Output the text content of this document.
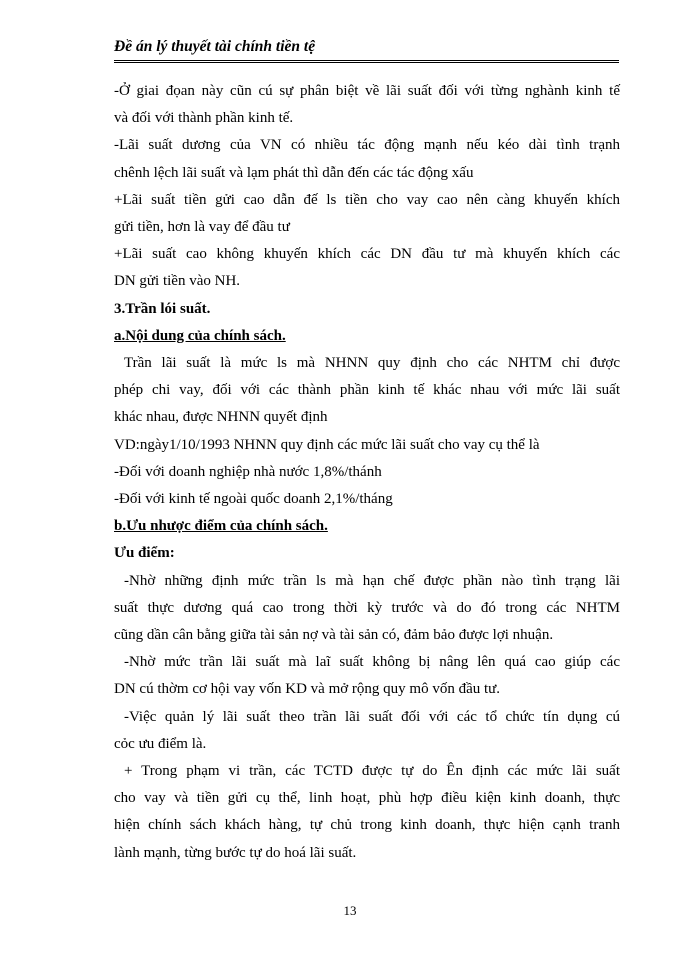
Đề án lý thuyết tài chính tiền tệ

-Ở giai đọan này cũn cú sự phân biệt về lãi suất đối với từng nghành kinh tế
và đối với thành phần kinh tế.

-Lãi suất dương của VN có nhiều tác động mạnh nếu kéo dài tình trạnh
chênh lệch lãi suất và lạm phát thì dẫn đến các tác động xấu

+Lãi suất tiền gửi cao dẫn đế ls tiền cho vay cao nên càng khuyến khích
gửi tiền, hơn là vay để đầu tư

+Lãi suất cao không khuyến khích các DN đầu tư mà khuyến khích các
DN gửi tiền vào NH.

3.Trần lói suất.

a.Nội dung của chính sách.

Trần lãi suất là mức ls mà NHNN quy định cho các NHTM chỉ được
phép chi vay, đối với các thành phần kinh tế khác nhau với mức lãi suất
khác nhau, được NHNN quyết định

VD:ngày1/10/1993 NHNN quy định các mức lãi suất cho vay cụ thể là

-Đối với doanh nghiệp nhà nước 1,8%/thánh

-Đối với kinh tế ngoài quốc doanh 2,1%/tháng

b.Ưu nhược điểm của chính sách.

Ưu điểm:

-Nhờ những định mức trần ls mà hạn chế được phần nào tình trạng lãi
suất thực dương quá cao trong thời kỳ trước và do đó trong các NHTM
cũng dần cân bằng giữa tài sản nợ và tài sản có, đảm bảo được lợi nhuận.

-Nhờ mức trần lãi suất mà laĩ suất không bị nâng lên quá cao giúp các
DN cú thờm cơ hội vay vốn KD và mở rộng quy mô vốn đầu tư.

-Việc quản lý lãi suất theo trần lãi suất đối với các tổ chức tín dụng cú
cỏc ưu điểm là.

+ Trong phạm vi trần, các TCTD được tự do Ên định các mức lãi suất
cho vay và tiền gửi cụ thể, linh hoạt, phù hợp điều kiện kinh doanh, thực
hiện chính sách khách hàng, tự chủ trong kinh doanh, thực hiện cạnh tranh
lành mạnh, từng bước tự do hoá lãi suất.

13
